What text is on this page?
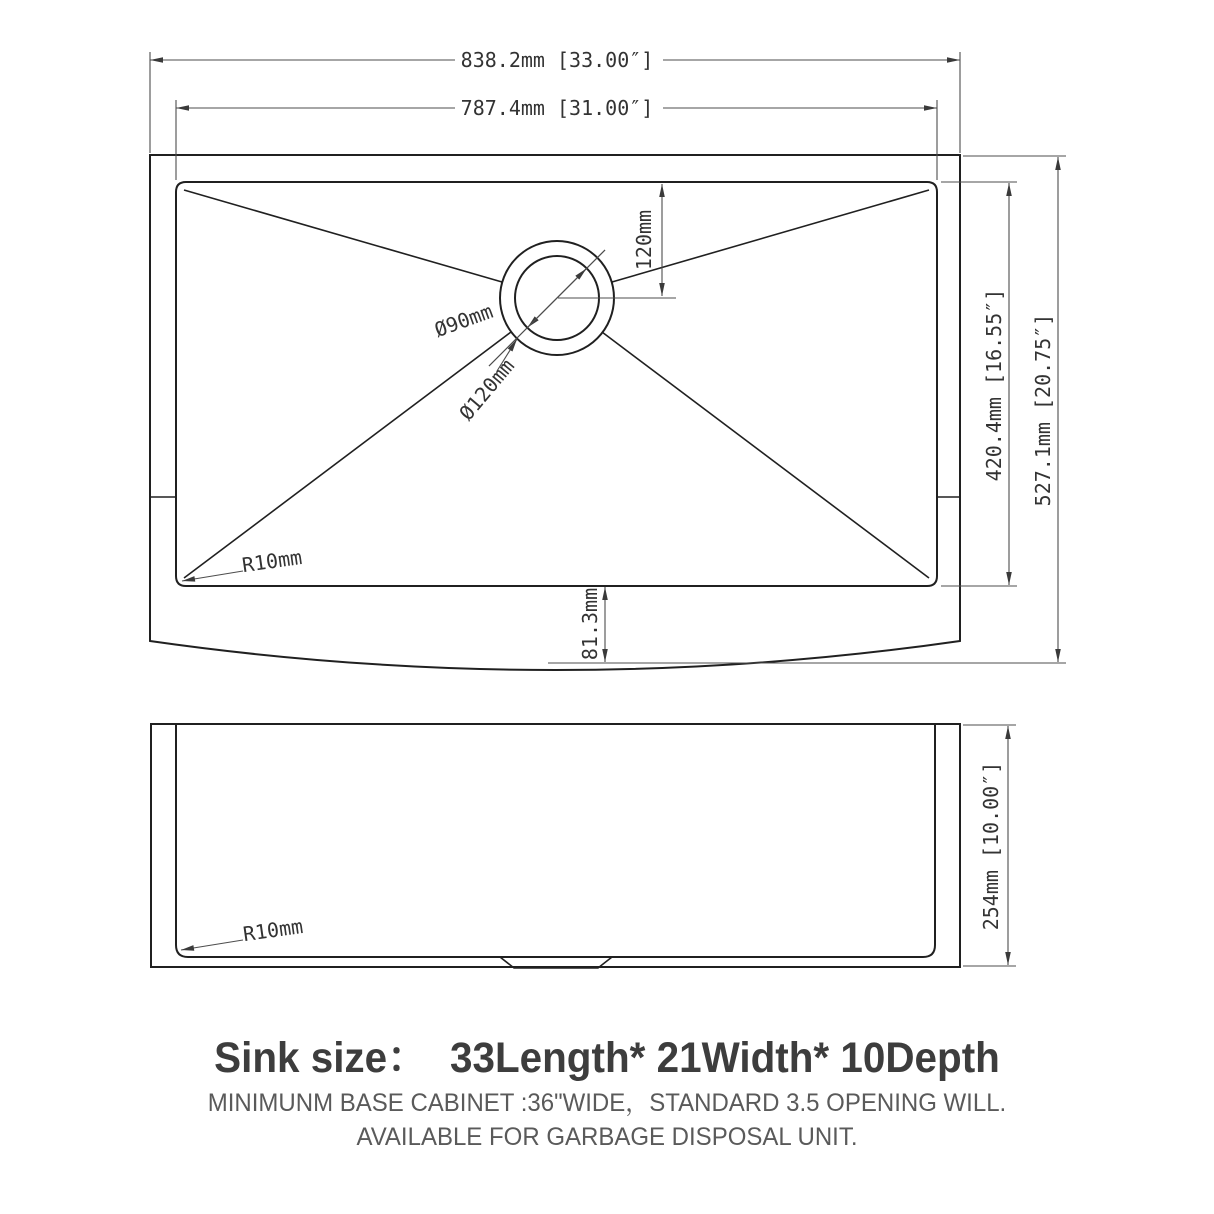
838.2mm [33.00″]
787.4mm [31.00″]
420.4mm [16.55″] 527.1mm [20.75″]
81.3mm
120mm
Ø90mm
Ø120mm
R10mm
254mm [10.00″]
R10mm
Sink size：  33Length* 21Width* 10Depth
MINIMUNM BASE CABINET :36"WIDE，STANDARD 3.5 OPENING WILL.
AVAILABLE FOR GARBAGE DISPOSAL UNIT.
